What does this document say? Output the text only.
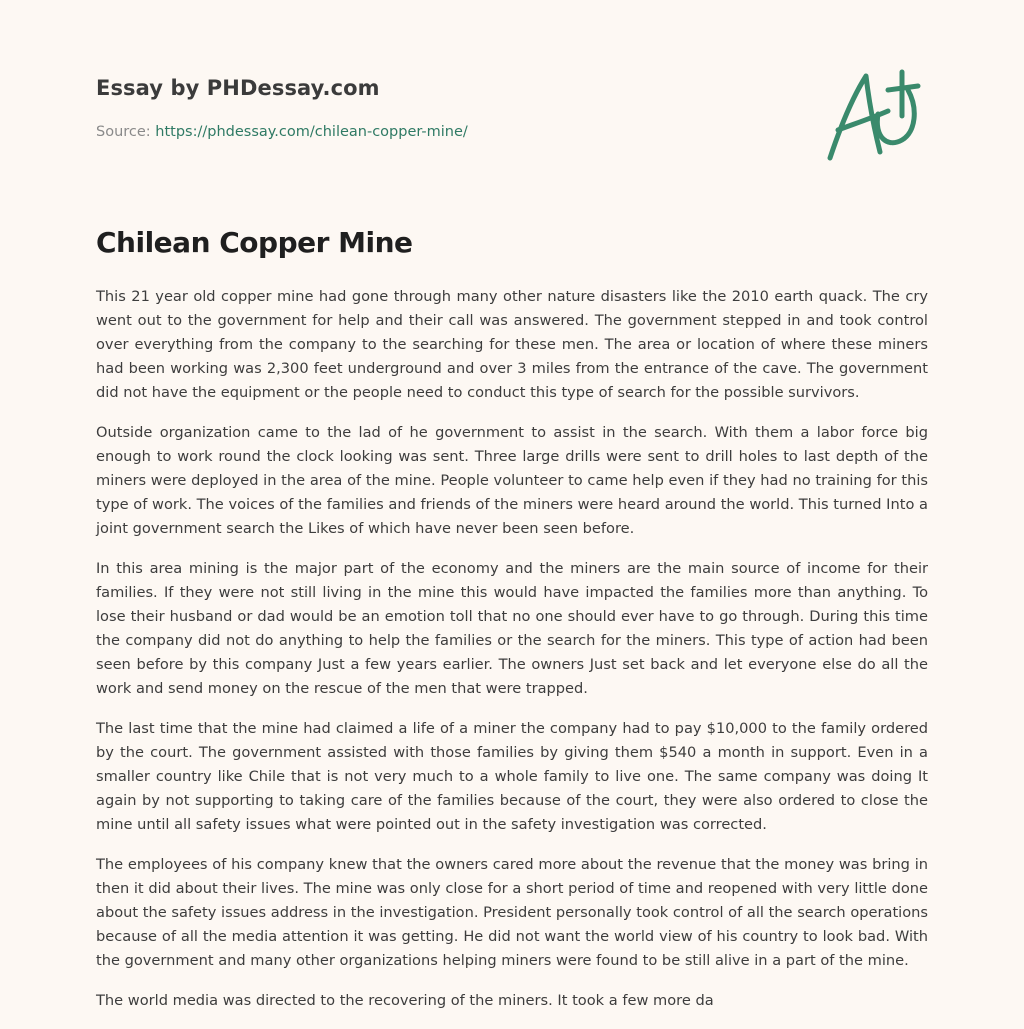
Essay by PHDessay.com
Source: https://phdessay.com/chilean-copper-mine/
Chilean Copper Mine

This 21 year old copper mine had gone through many other nature disasters like the 2010 earth quack. The cry went out to the government for help and their call was answered. The government stepped in and took control over everything from the company to the searching for these men. The area or location of where these miners had been working was 2,300 feet underground and over 3 miles from the entrance of the cave. The government did not have the equipment or the people need to conduct this type of search for the possible survivors.

Outside organization came to the lad of he government to assist in the search. With them a labor force big enough to work round the clock looking was sent. Three large drills were sent to drill holes to last depth of the miners were deployed in the area of the mine. People volunteer to came help even if they had no training for this type of work. The voices of the families and friends of the miners were heard around the world. This turned Into a joint government search the Likes of which have never been seen before.

In this area mining is the major part of the economy and the miners are the main source of income for their families. If they were not still living in the mine this would have impacted the families more than anything. To lose their husband or dad would be an emotion toll that no one should ever have to go through. During this time the company did not do anything to help the families or the search for the miners. This type of action had been seen before by this company Just a few years earlier. The owners Just set back and let everyone else do all the work and send money on the rescue of the men that were trapped.

The last time that the mine had claimed a life of a miner the company had to pay $10,000 to the family ordered by the court. The government assisted with those families by giving them $540 a month in support. Even in a smaller country like Chile that is not very much to a whole family to live one. The same company was doing It again by not supporting to taking care of the families because of the court, they were also ordered to close the mine until all safety issues what were pointed out in the safety investigation was corrected.

The employees of his company knew that the owners cared more about the revenue that the money was bring in then it did about their lives. The mine was only close for a short period of time and reopened with very little done about the safety issues address in the investigation. President personally took control of all the search operations because of all the media attention it was getting. He did not want the world view of his country to look bad. With the government and many other organizations helping miners were found to be still alive in a part of the mine.

The world media was directed to the recovering of the miners. It took a few more da
